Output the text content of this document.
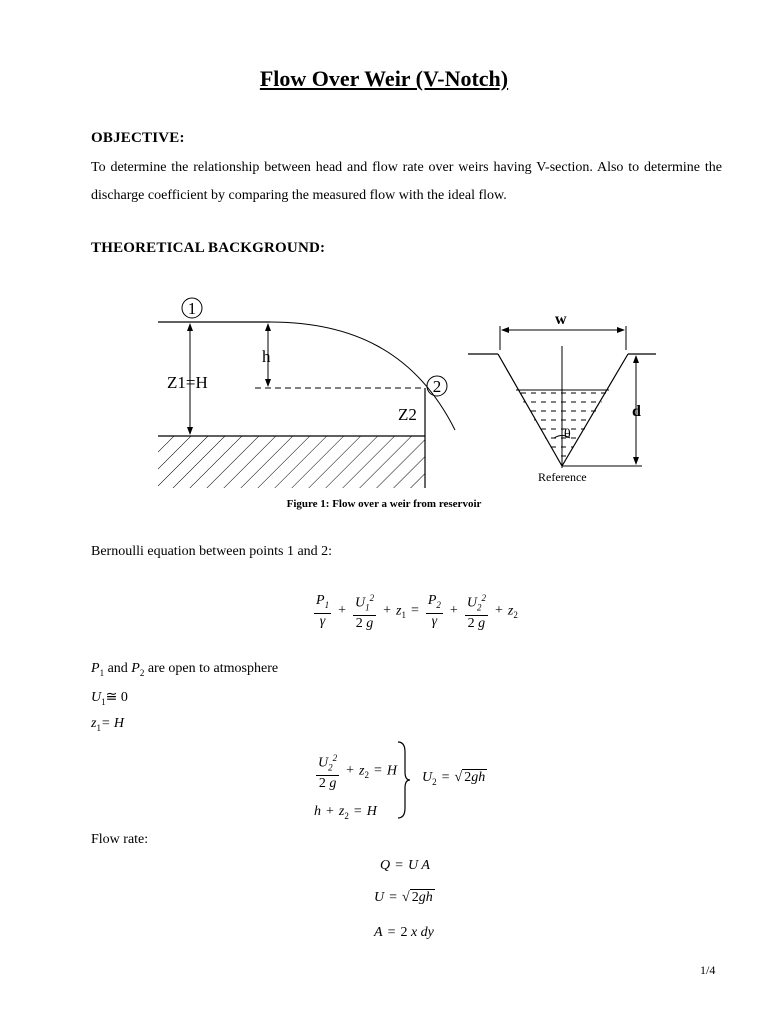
Flow Over Weir (V-Notch)
OBJECTIVE:
To determine the relationship between head and flow rate over weirs having V-section. Also to determine the discharge coefficient by comparing the measured flow with the ideal flow.
THEORETICAL BACKGROUND:
1
2
h
Z1=H
Z2
w
d
θ
Reference
Figure 1: Flow over a weir from reservoir
Bernoulli equation between points 1 and 2:
$\frac{P_1}{\gamma} + \frac{U_1^2}{2 g} + z_1 = \frac{P_2}{\gamma} + \frac{U_2^2}{2 g} + z_2$
$P_1$ and $P_2$ are open to atmosphere
$U_1≅$ 0
$z_1= H$
$\frac{U_2^2}{2 g} + z_2 = H$
$h + z_2 = H$
$U_2$ = √ 2gh
Flow rate:
Q = U A
U = √ 2gh
A = 2 x dy
1/4
